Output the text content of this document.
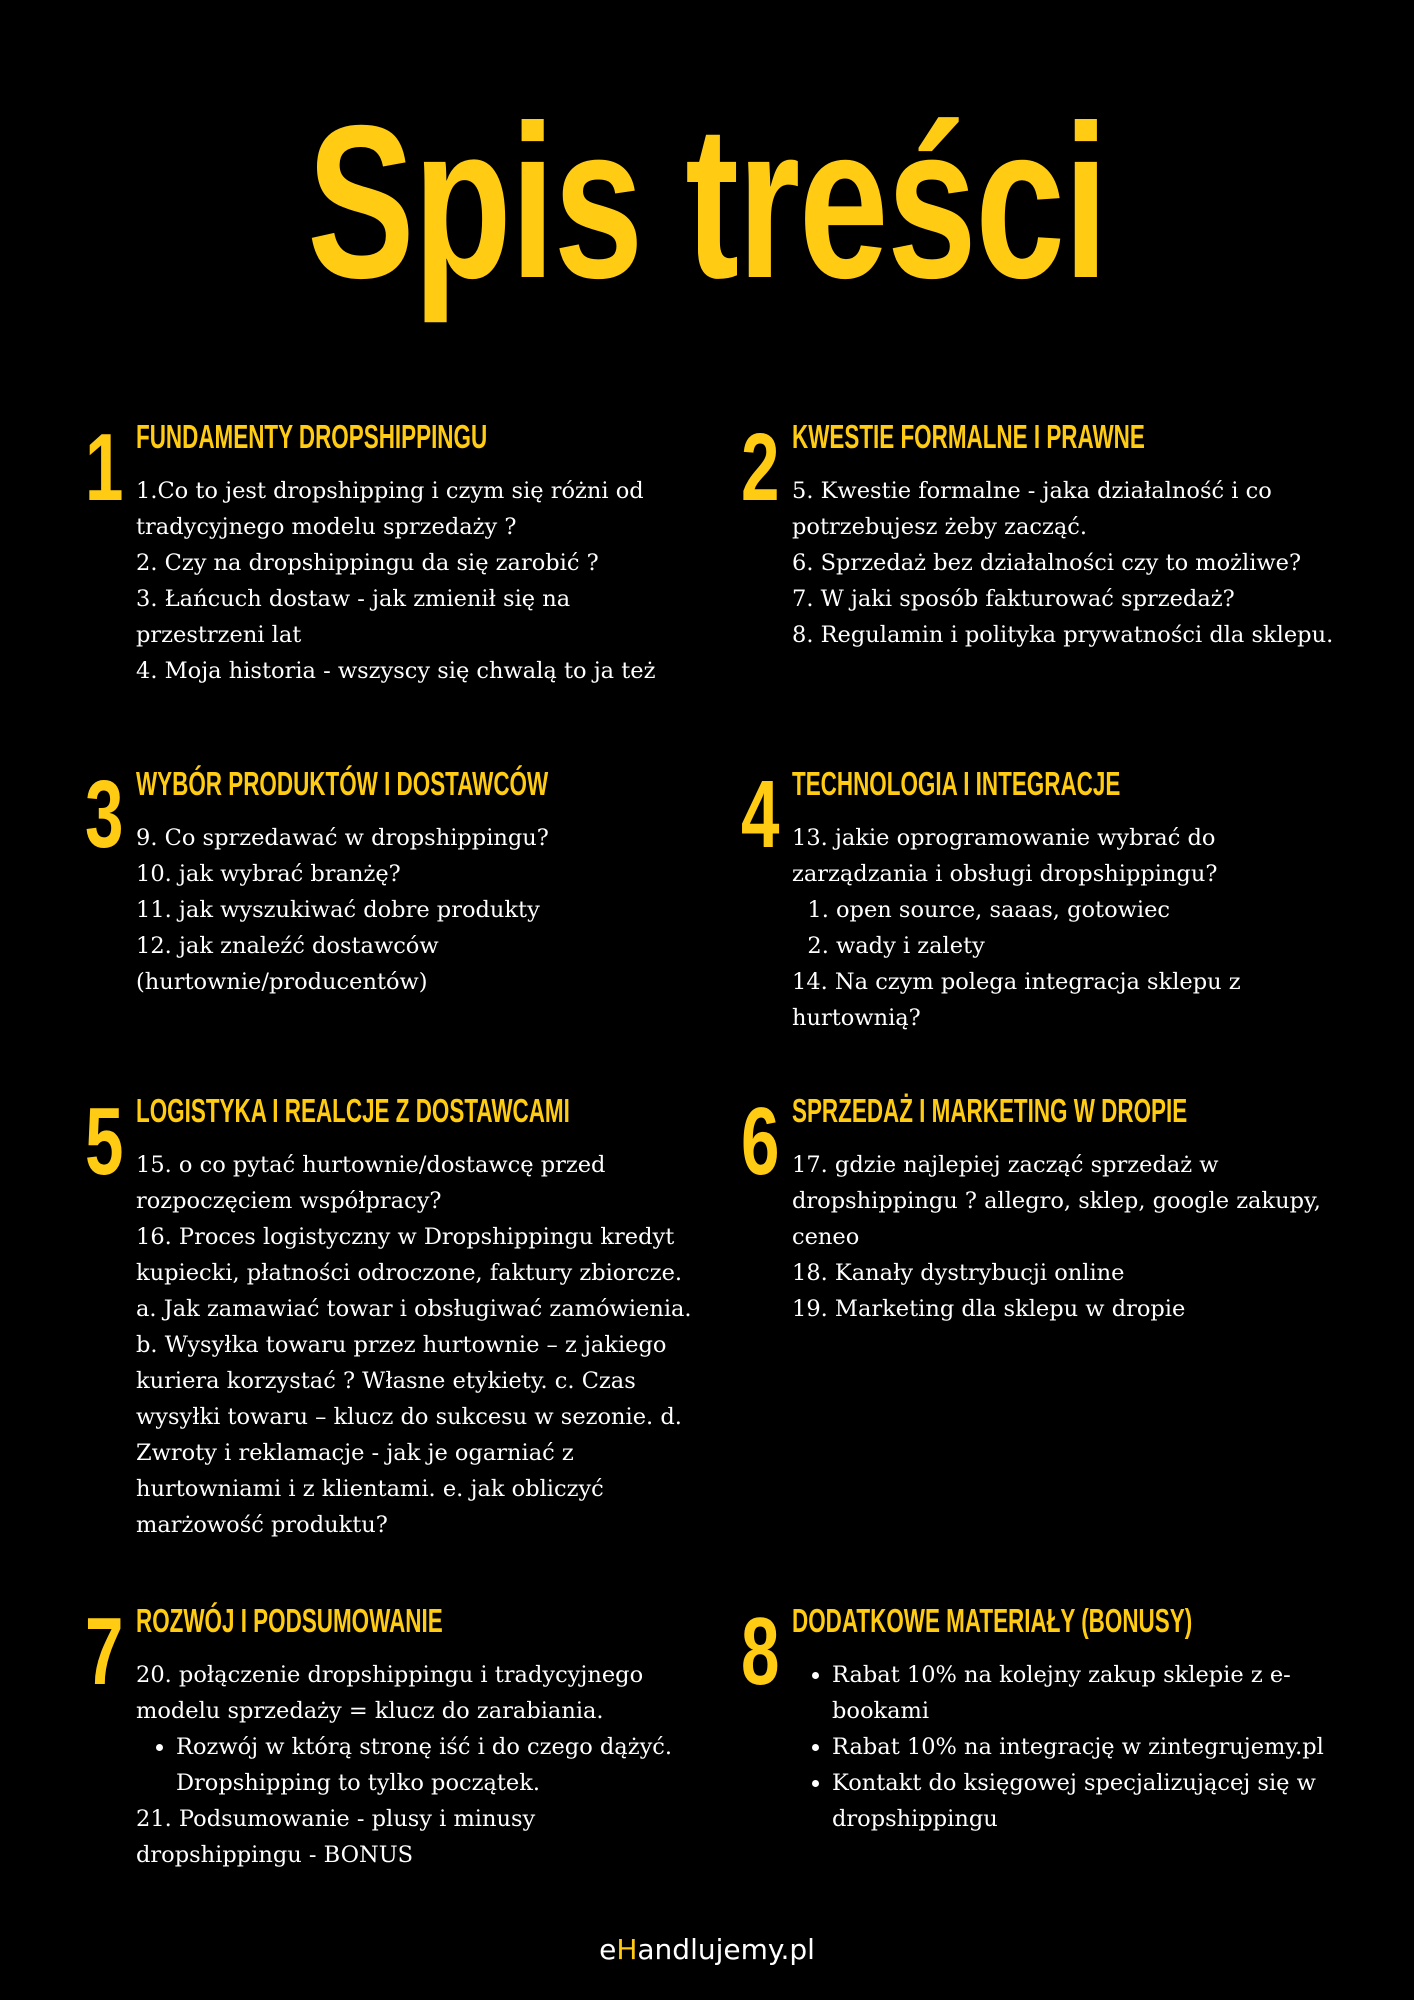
Spis treści
1 FUNDAMENTY DROPSHIPPINGU

1.Co to jest dropshipping i czym się różni od tradycyjnego modelu sprzedaży ?

2. Czy na dropshippingu da się zarobić ?

3. Łańcuch dostaw - jak zmienił się na przestrzeni lat

4. Moja historia - wszyscy się chwalą to ja też

2 KWESTIE FORMALNE I PRAWNE

5. Kwestie formalne - jaka działalność i co potrzebujesz żeby zacząć.

6. Sprzedaż bez działalności czy to możliwe?

7. W jaki sposób fakturować sprzedaż?

8. Regulamin i polityka prywatności dla sklepu.

3 WYBÓR PRODUKTÓW I DOSTAWCÓW

9. Co sprzedawać w dropshippingu?

10. jak wybrać branżę?

11. jak wyszukiwać dobre produkty

12. jak znaleźć dostawców (hurtownie/producentów)

4 TECHNOLOGIA I INTEGRACJE

13. jakie oprogramowanie wybrać do zarządzania i obsługi dropshippingu?

1. open source, saaas, gotowiec
2. wady i zalety

14. Na czym polega integracja sklepu z hurtownią?

5 LOGISTYKA I REALCJE Z DOSTAWCAMI

15. o co pytać hurtownie/dostawcę przed rozpoczęciem współpracy?

16. Proces logistyczny w Dropshippingu kredyt kupiecki, płatności odroczone, faktury zbiorcze. a. Jak zamawiać towar i obsługiwać zamówienia. b. Wysyłka towaru przez hurtownie – z jakiego kuriera korzystać ? Własne etykiety. c. Czas wysyłki towaru – klucz do sukcesu w sezonie. d. Zwroty i reklamacje - jak je ogarniać z hurtowniami i z klientami. e. jak obliczyć marżowość produktu?

6 SPRZEDAŻ I MARKETING W DROPIE

17. gdzie najlepiej zacząć sprzedaż w dropshippingu ? allegro, sklep, google zakupy, ceneo

18. Kanały dystrybucji online

19. Marketing dla sklepu w dropie

7 ROZWÓJ I PODSUMOWANIE

20. połączenie dropshippingu i tradycyjnego modelu sprzedaży = klucz do zarabiania.

• Rozwój w którą stronę iść i do czego dążyć. Dropshipping to tylko początek.

21. Podsumowanie - plusy i minusy dropshippingu - BONUS

8 DODATKOWE MATERIAŁY (BONUSY)
• Rabat 10% na kolejny zakup sklepie z e-bookami
• Rabat 10% na integrację w zintegrujemy.pl
• Kontakt do księgowej specjalizującej się w dropshippingu
eHandlujemy.pl
